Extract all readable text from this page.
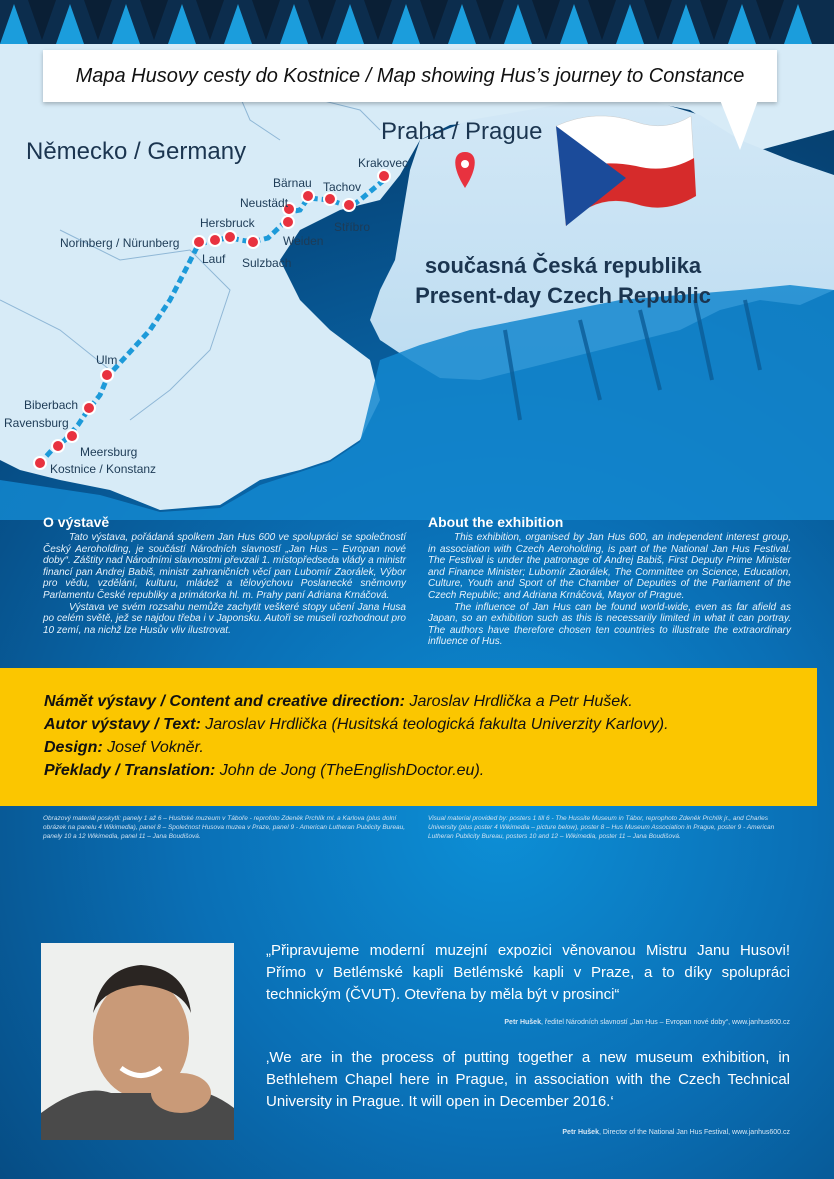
Mapa Husovy cesty do Kostnice / Map showing Hus’s journey to Constance
Německo / Germany
Praha / Prague
současná Česká republika
Present-day Czech Republic
Krakovec
Bärnau Tachov
Neustädt
Stříbro
Hersbruck
Weiden
Norinberg / Nürunberg
Lauf Sulzbach
Ulm
Biberbach
Ravensburg
Meersburg
Kostnice / Konstanz
O výstavě

Tato výstava, pořádaná spolkem Jan Hus 600 ve spolupráci se společností Český Aeroholding, je součástí Národních slavností „Jan Hus – Evropan nové doby“. Záštity nad Národními slavnostmi převzali 1. místopředseda vlády a ministr financí pan Andrej Babiš, ministr zahraničních věcí pan Lubomír Zaorálek, Výbor pro vědu, vzdělání, kulturu, mládež a tělovýchovu Poslanecké sněmovny Parlamentu České republiky a primátorka hl. m. Prahy paní Adriana Krnáčová.

Výstava ve svém rozsahu nemůže zachytit veškeré stopy učení Jana Husa po celém světě, jež se najdou třeba i v Japonsku. Autoři se museli rozhodnout pro 10 zemí, na nichž lze Husův vliv ilustrovat.

About the exhibition

This exhibition, organised by Jan Hus 600, an independent interest group, in association with Czech Aeroholding, is part of the National Jan Hus Festival. The Festival is under the patronage of Andrej Babiš, First Deputy Prime Minister and Finance Minister; Lubomír Zaorálek, The Committee on Science, Education, Culture, Youth and Sport of the Chamber of Deputies of the Parliament of the Czech Republic; and Adriana Krnáčová, Mayor of Prague.

The influence of Jan Hus can be found world-wide, even as far afield as Japan, so an exhibition such as this is necessarily limited in what it can portray. The authors have therefore chosen ten countries to illustrate the extraordinary influence of Hus.

Námět výstavy / Content and creative direction: Jaroslav Hrdlička a Petr Hušek.
Autor výstavy / Text: Jaroslav Hrdlička (Husitská teologická fakulta Univerzity Karlovy).
Design: Josef Vokněr.
Překlady / Translation: John de Jong (TheEnglishDoctor.eu).
Obrazový materiál poskytli: panely 1 až 6 – Husitské muzeum v Táboře - reprofoto Zdeněk Prchlík ml. a Karlova (plus dolní obrázek na panelu 4 Wikimedia), panel 8 – Společnost Husova muzea v Praze, panel 9 - American Lutheran Publicity Bureau, panely 10 a 12 Wikimedia, panel 11 – Jana Boudišová.
Visual material provided by: posters 1 till 6 - The Hussite Museum in Tábor, reprophoto Zdeněk Prchlík jr., and Charles University (plus poster 4 Wikimedia – picture below), poster 8 – Hus Museum Association in Prague, poster 9 - American Lutheran Publicity Bureau, posters 10 and 12 – Wikimedia, poster 11 – Jana Boudišová.
„Připravujeme moderní muzejní expozici věnovanou Mistru Janu Husovi! Přímo v Betlémské kapli Betlémské kapli v Praze, a to díky spolupráci technickým (ČVUT). Otevřena by měla být v prosinci“
Petr Hušek, ředitel Národních slavností „Jan Hus – Evropan nové doby“, www.janhus600.cz
‚We are in the process of putting together a new museum exhibition, in Bethlehem Chapel here in Prague, in association with the Czech Technical University in Prague. It will open in December 2016.‘
Petr Hušek, Director of the National Jan Hus Festival, www.janhus600.cz
